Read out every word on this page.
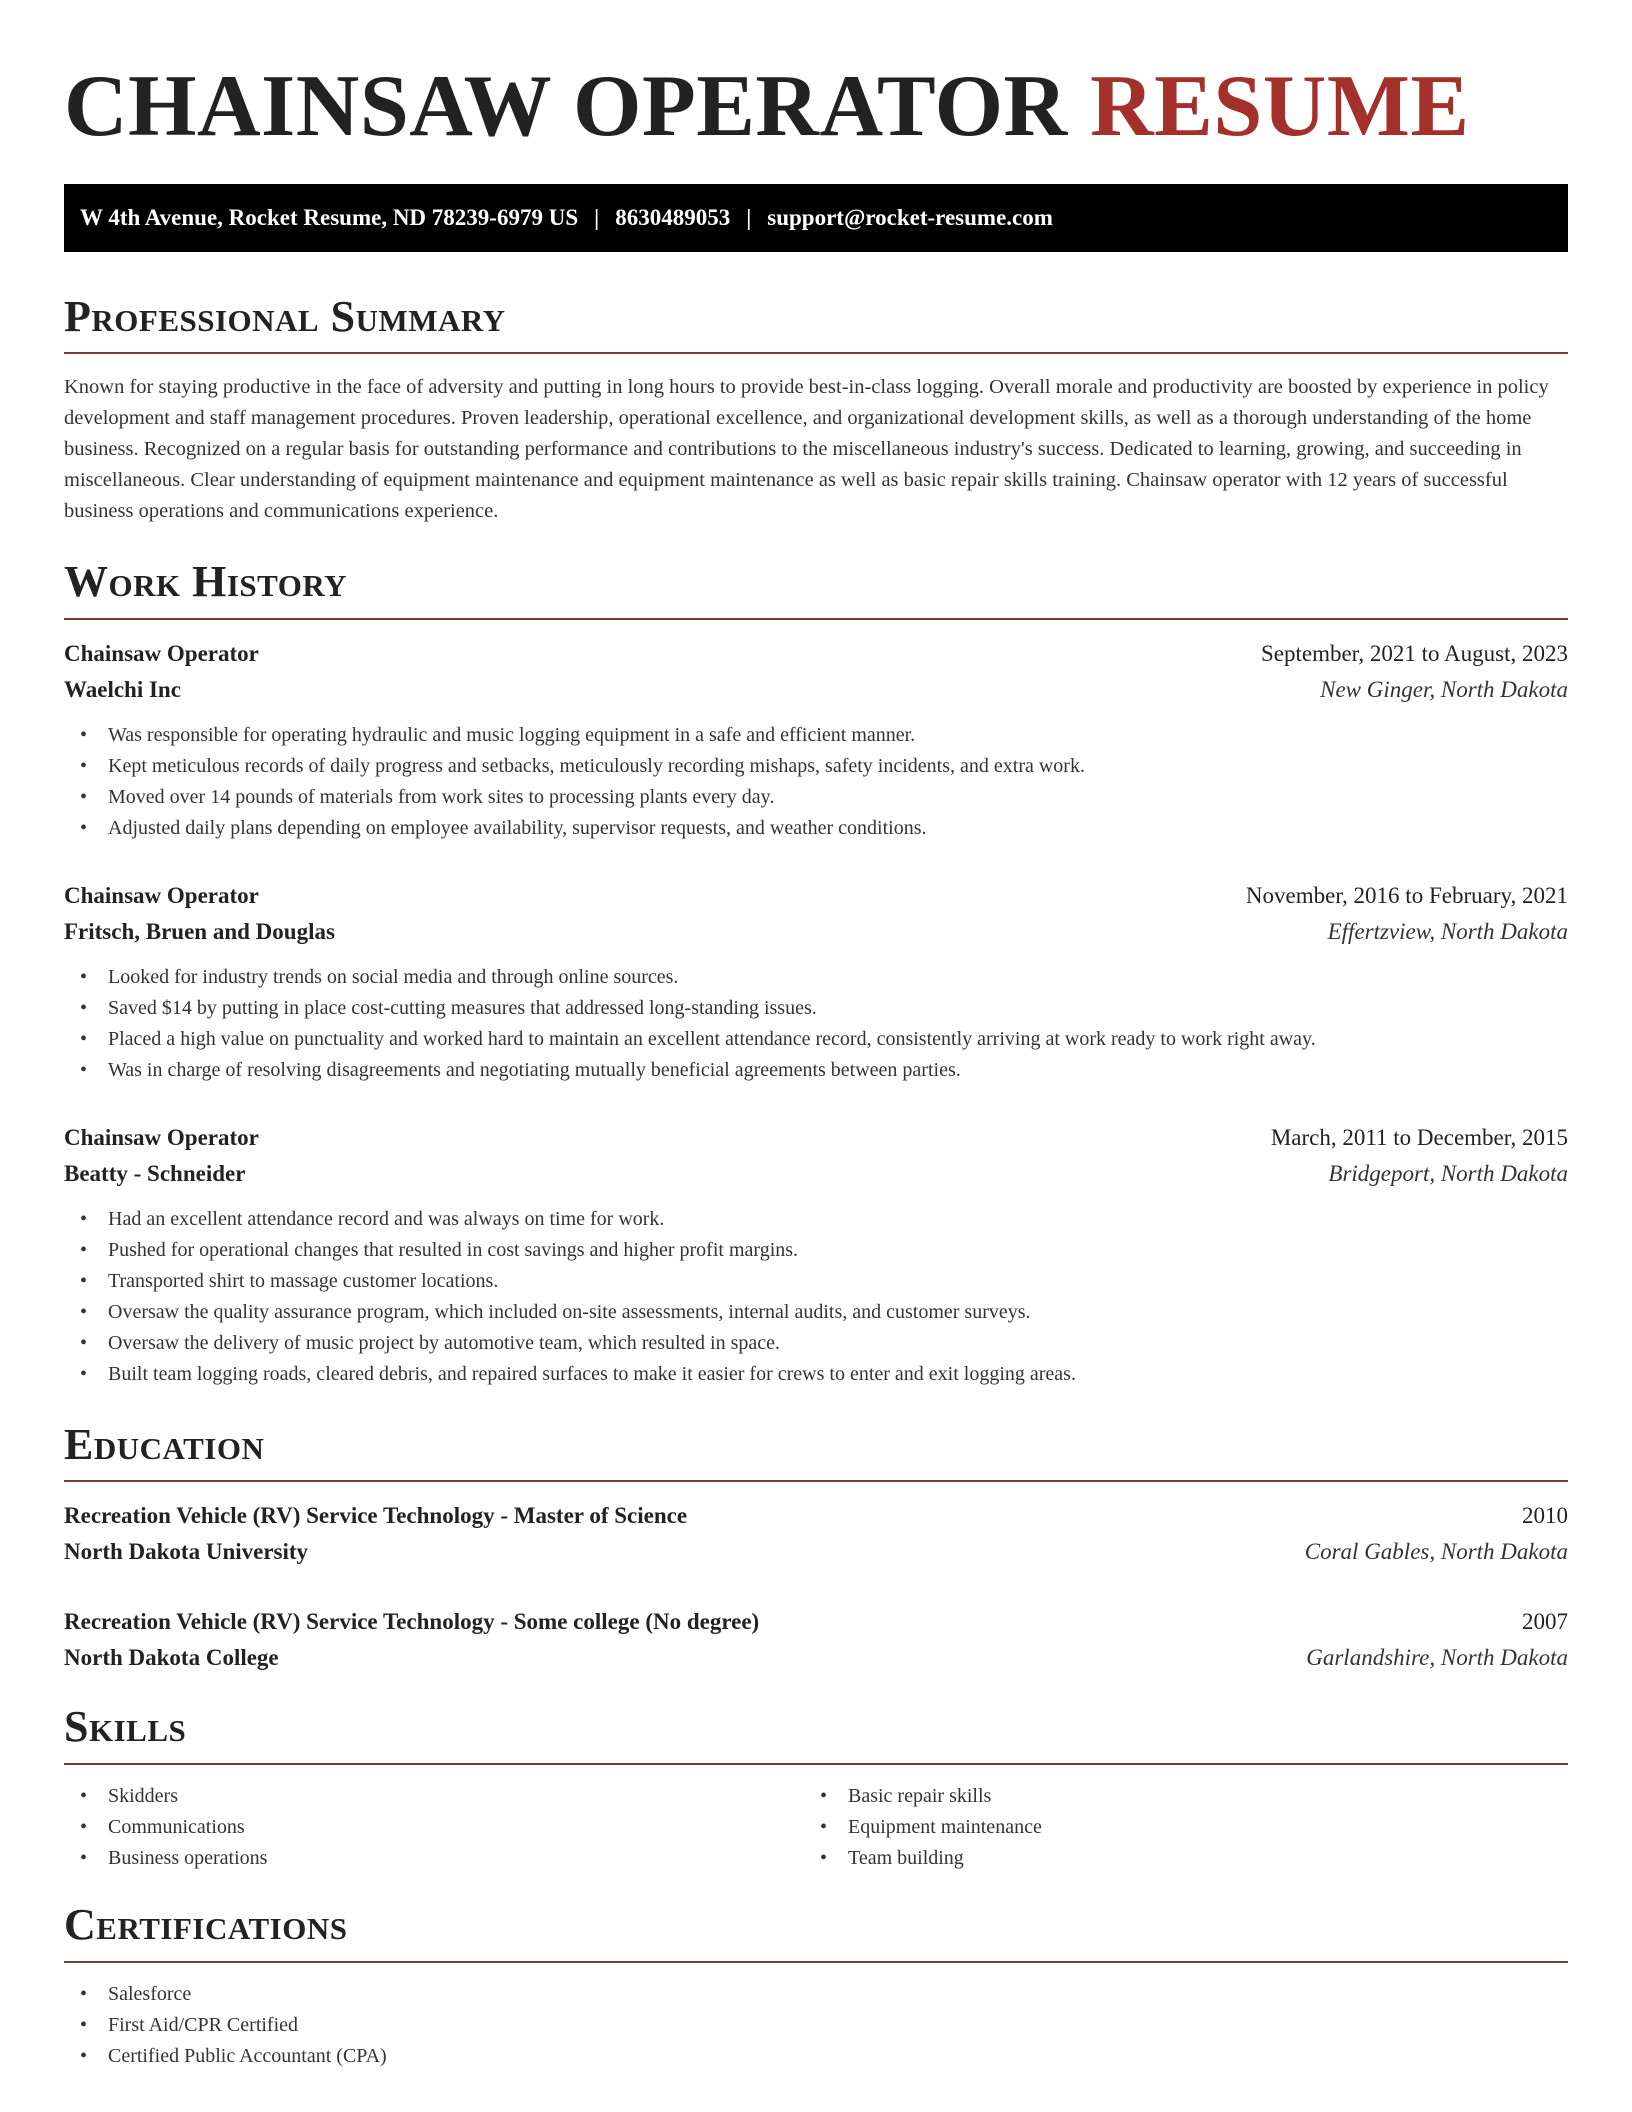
CHAINSAW OPERATOR RESUME
W 4th Avenue, Rocket Resume, ND 78239-6979 US | 8630489053 | support@rocket-resume.com
Professional Summary

Known for staying productive in the face of adversity and putting in long hours to provide best-in-class logging. Overall morale and productivity are boosted by experience in policy development and staff management procedures. Proven leadership, operational excellence, and organizational development skills, as well as a thorough understanding of the home business. Recognized on a regular basis for outstanding performance and contributions to the miscellaneous industry's success. Dedicated to learning, growing, and succeeding in miscellaneous. Clear understanding of equipment maintenance and equipment maintenance as well as basic repair skills training. Chainsaw operator with 12 years of successful business operations and communications experience.

Work History
Chainsaw Operator	September, 2021 to August, 2023
Waelchi Inc	New Ginger, North Dakota
• Was responsible for operating hydraulic and music logging equipment in a safe and efficient manner.
• Kept meticulous records of daily progress and setbacks, meticulously recording mishaps, safety incidents, and extra work.
• Moved over 14 pounds of materials from work sites to processing plants every day.
• Adjusted daily plans depending on employee availability, supervisor requests, and weather conditions.
Chainsaw Operator	November, 2016 to February, 2021
Fritsch, Bruen and Douglas	Effertzview, North Dakota
• Looked for industry trends on social media and through online sources.
• Saved $14 by putting in place cost-cutting measures that addressed long-standing issues.
• Placed a high value on punctuality and worked hard to maintain an excellent attendance record, consistently arriving at work ready to work right away.
• Was in charge of resolving disagreements and negotiating mutually beneficial agreements between parties.
Chainsaw Operator	March, 2011 to December, 2015
Beatty - Schneider	Bridgeport, North Dakota
• Had an excellent attendance record and was always on time for work.
• Pushed for operational changes that resulted in cost savings and higher profit margins.
• Transported shirt to massage customer locations.
• Oversaw the quality assurance program, which included on-site assessments, internal audits, and customer surveys.
• Oversaw the delivery of music project by automotive team, which resulted in space.
• Built team logging roads, cleared debris, and repaired surfaces to make it easier for crews to enter and exit logging areas.
Education
Recreation Vehicle (RV) Service Technology - Master of Science	2010
North Dakota University	Coral Gables, North Dakota
Recreation Vehicle (RV) Service Technology - Some college (No degree)	2007
North Dakota College	Garlandshire, North Dakota
Skills
• Skidders
• Communications
• Business operations
• Basic repair skills
• Equipment maintenance
• Team building
Certifications
• Salesforce
• First Aid/CPR Certified
• Certified Public Accountant (CPA)
